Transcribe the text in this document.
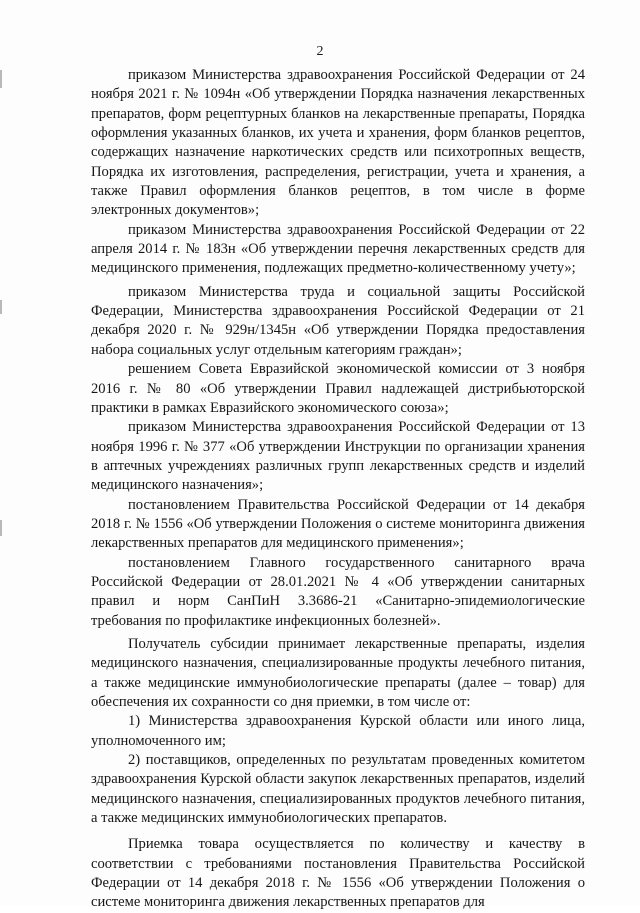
2

приказом Министерства здравоохранения Российской Федерации от 24 ноября 2021 г. № 1094н «Об утверждении Порядка назначения лекарственных препаратов, форм рецептурных бланков на лекарственные препараты, Порядка оформления указанных бланков, их учета и хранения, форм бланков рецептов, содержащих назначение наркотических средств или психотропных веществ, Порядка их изготовления, распределения, регистрации, учета и хранения, а также Правил оформления бланков рецептов, в том числе в форме электронных документов»;

приказом Министерства здравоохранения Российской Федерации от 22 апреля 2014 г. № 183н «Об утверждении перечня лекарственных средств для медицинского применения, подлежащих предметно-количественному учету»;

приказом Министерства труда и социальной защиты Российской Федерации, Министерства здравоохранения Российской Федерации от 21 декабря 2020 г. № 929н/1345н «Об утверждении Порядка предоставления набора социальных услуг отдельным категориям граждан»;

решением Совета Евразийской экономической комиссии от 3 ноября 2016 г. № 80 «Об утверждении Правил надлежащей дистрибьюторской практики в рамках Евразийского экономического союза»;

приказом Министерства здравоохранения Российской Федерации от 13 ноября 1996 г. № 377 «Об утверждении Инструкции по организации хранения в аптечных учреждениях различных групп лекарственных средств и изделий медицинского назначения»;

постановлением Правительства Российской Федерации от 14 декабря 2018 г. № 1556 «Об утверждении Положения о системе мониторинга движения лекарственных препаратов для медицинского применения»;

постановлением Главного государственного санитарного врача Российской Федерации от 28.01.2021 № 4 «Об утверждении санитарных правил и норм СанПиН 3.3686-21 «Санитарно-эпидемиологические требования по профилактике инфекционных болезней».

Получатель субсидии принимает лекарственные препараты, изделия медицинского назначения, специализированные продукты лечебного питания, а также медицинские иммунобиологические препараты (далее – товар) для обеспечения их сохранности со дня приемки, в том числе от:

1) Министерства здравоохранения Курской области или иного лица, уполномоченного им;

2) поставщиков, определенных по результатам проведенных комитетом здравоохранения Курской области закупок лекарственных препаратов, изделий медицинского назначения, специализированных продуктов лечебного питания, а также медицинских иммунобиологических препаратов.

Приемка товара осуществляется по количеству и качеству в соответствии с требованиями постановления Правительства Российской Федерации от 14 декабря 2018 г. № 1556 «Об утверждении Положения о системе мониторинга движения лекарственных препаратов для
